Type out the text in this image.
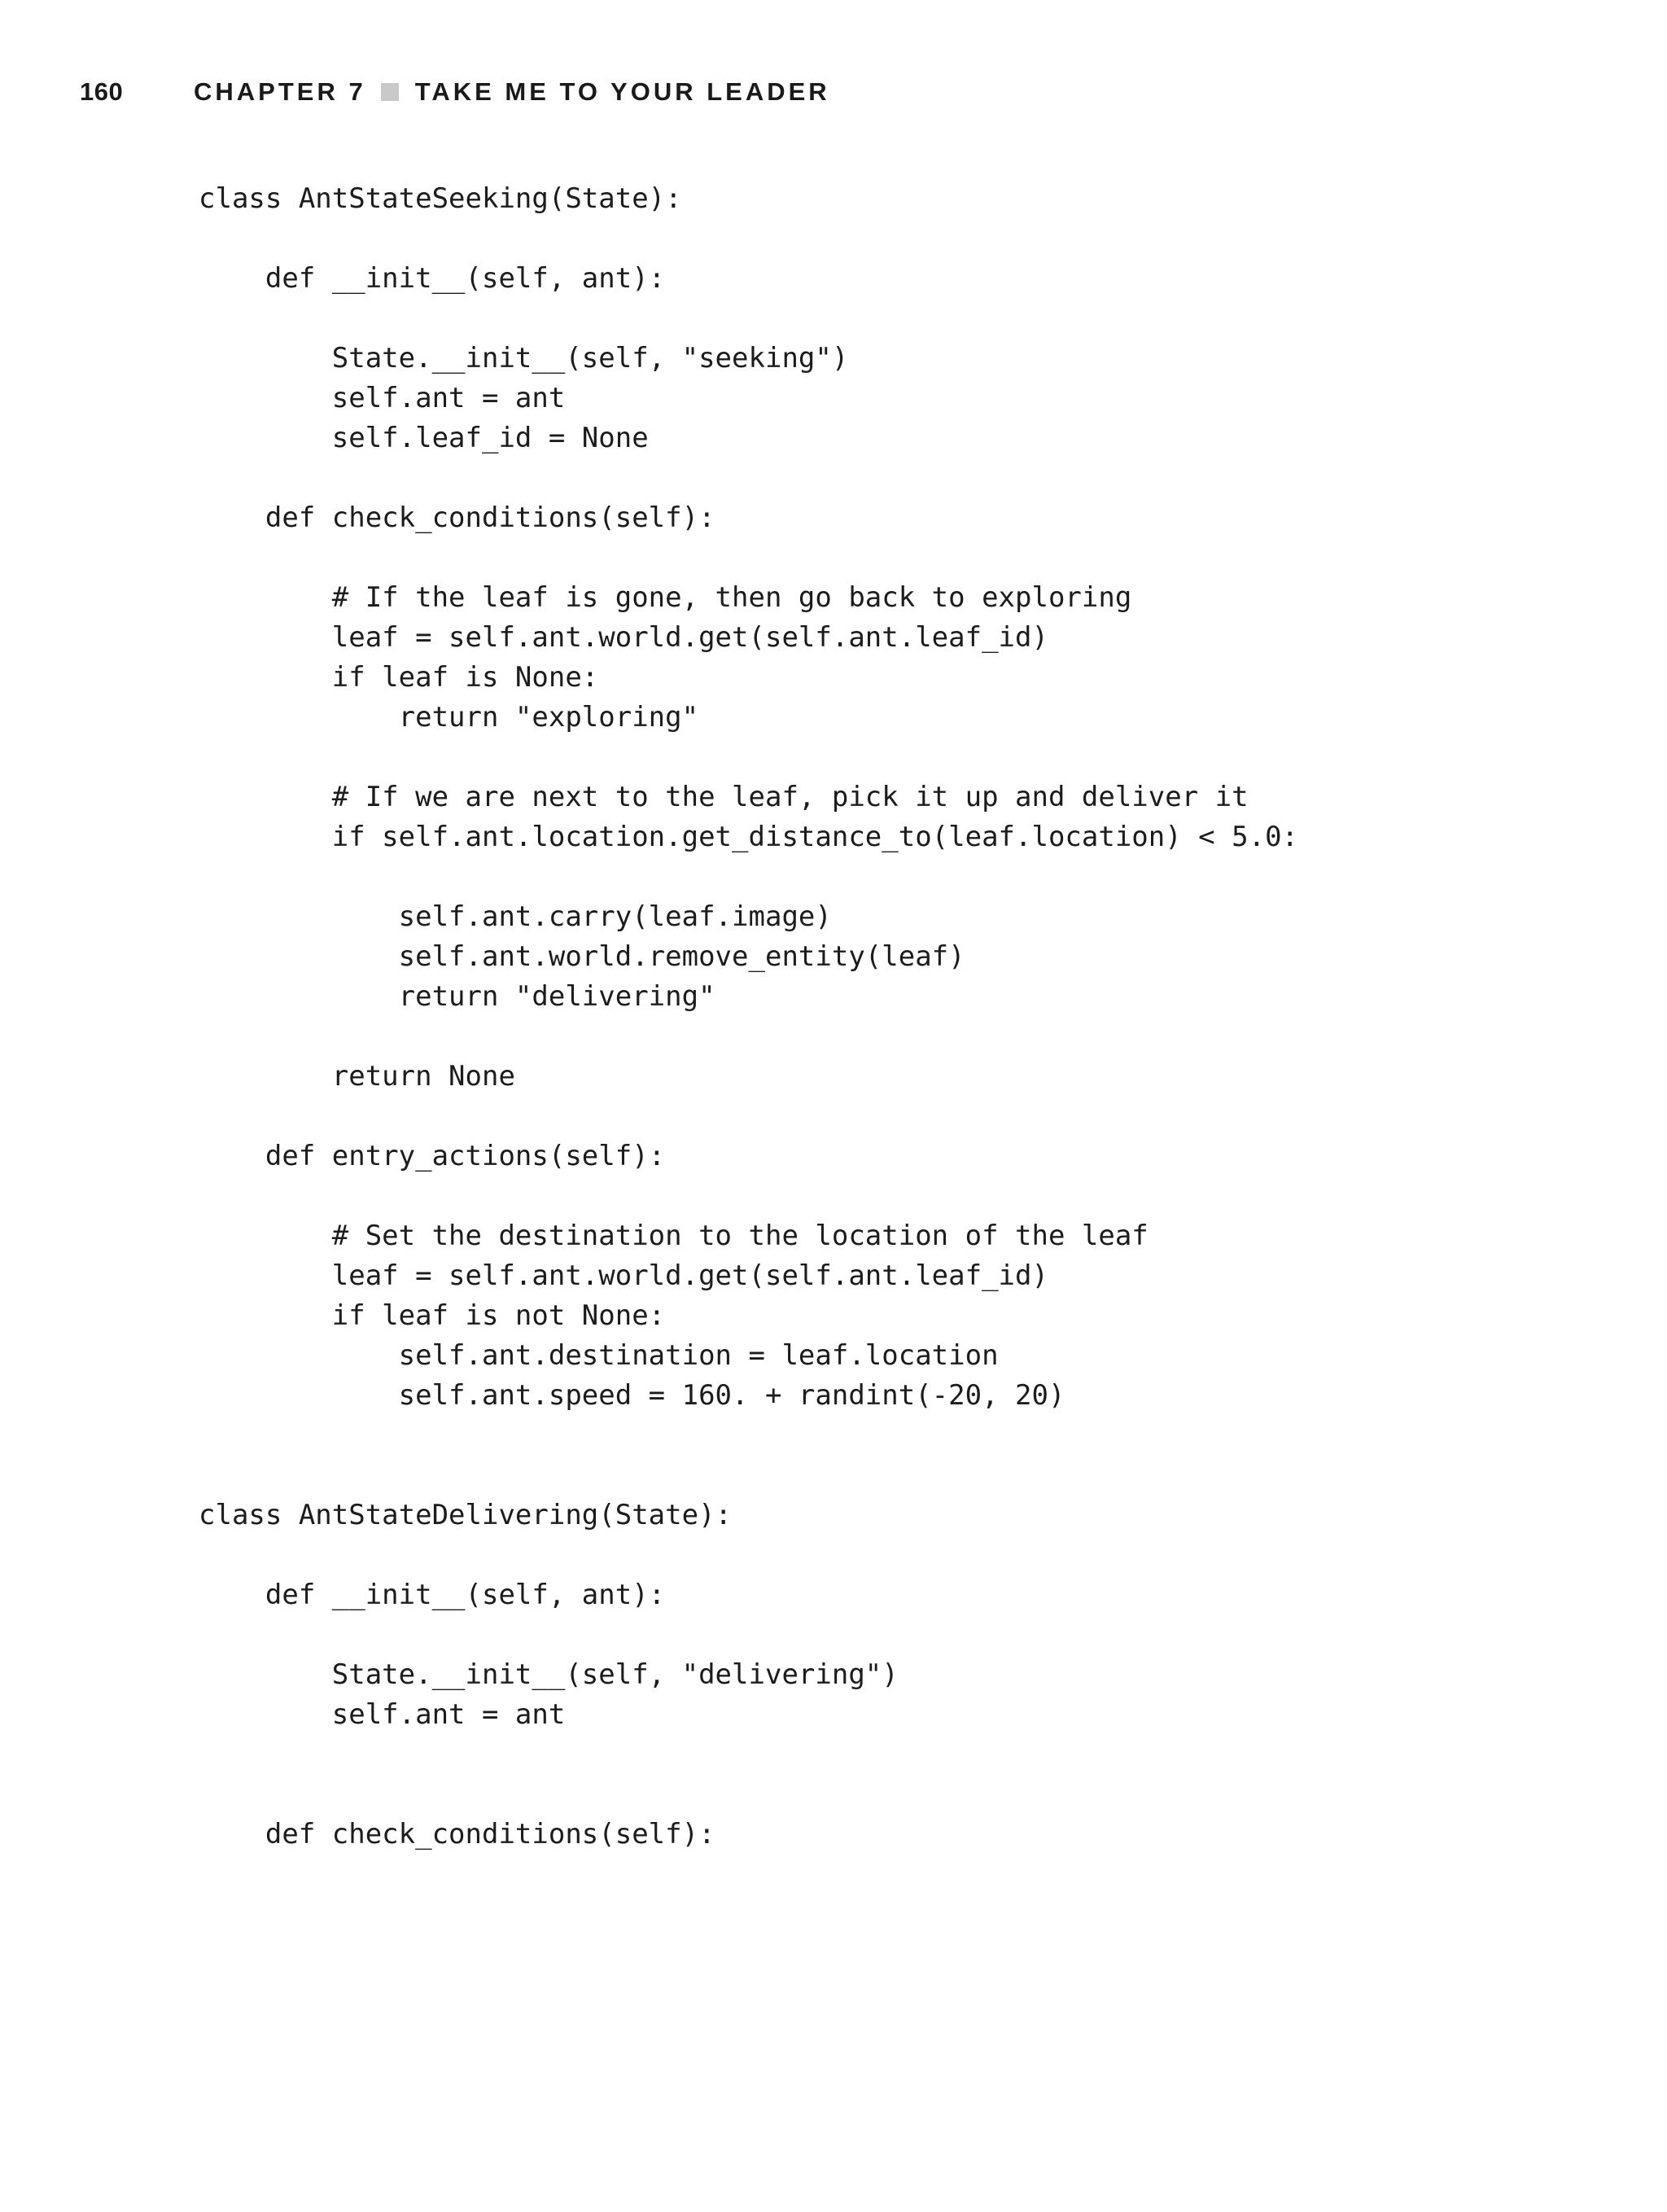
160	CHAPTER 7 TAKE ME TO YOUR LEADER
class AntStateSeeking(State):
def __init__(self, ant):
State.__init__(self, "seeking")
self.ant = ant
self.leaf_id = None
def check_conditions(self):
# If the leaf is gone, then go back to exploring
leaf = self.ant.world.get(self.ant.leaf_id)
if leaf is None:
return "exploring"
# If we are next to the leaf, pick it up and deliver it
if self.ant.location.get_distance_to(leaf.location) < 5.0:
self.ant.carry(leaf.image)
self.ant.world.remove_entity(leaf)
return "delivering"
return None
def entry_actions(self):
# Set the destination to the location of the leaf
leaf = self.ant.world.get(self.ant.leaf_id)
if leaf is not None:
self.ant.destination = leaf.location
self.ant.speed = 160. + randint(-20, 20)
class AntStateDelivering(State):
def __init__(self, ant):
State.__init__(self, "delivering")
self.ant = ant
def check_conditions(self):
